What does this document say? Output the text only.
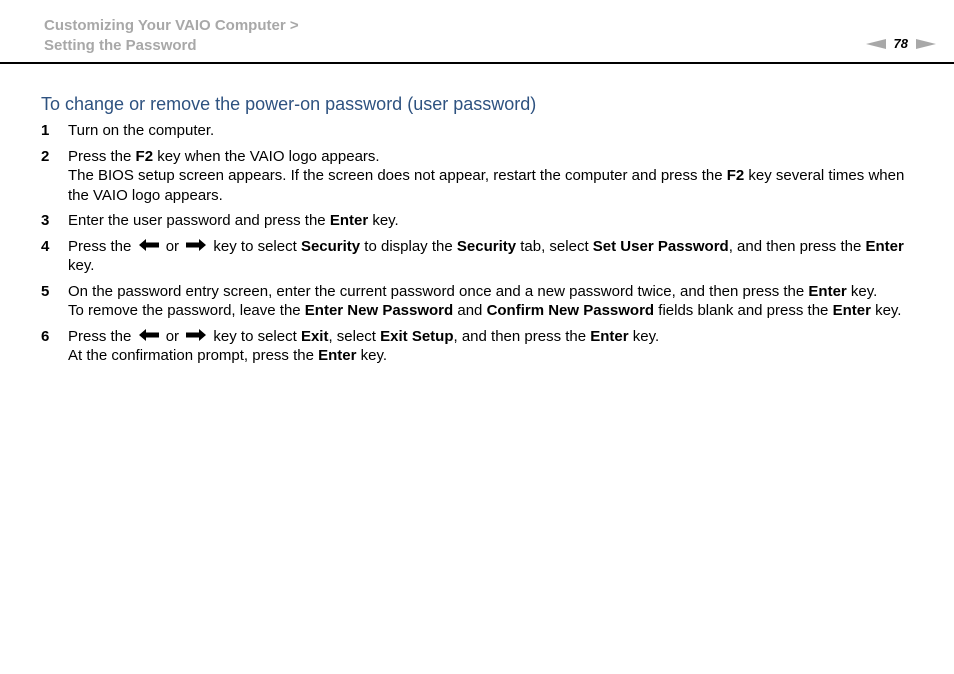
Customizing Your VAIO Computer >
Setting the Password	78
To change or remove the power-on password (user password)
1 Turn on the computer.
2 Press the F2 key when the VAIO logo appears.
The BIOS setup screen appears. If the screen does not appear, restart the computer and press the F2 key several times when the VAIO logo appears.
3 Enter the user password and press the Enter key.
4 Press the  or  key to select Security to display the Security tab, select Set User Password, and then press the Enter key.
5 On the password entry screen, enter the current password once and a new password twice, and then press the Enter key.
To remove the password, leave the Enter New Password and Confirm New Password fields blank and press the Enter key.
6 Press the  or  key to select Exit, select Exit Setup, and then press the Enter key.
At the confirmation prompt, press the Enter key.
